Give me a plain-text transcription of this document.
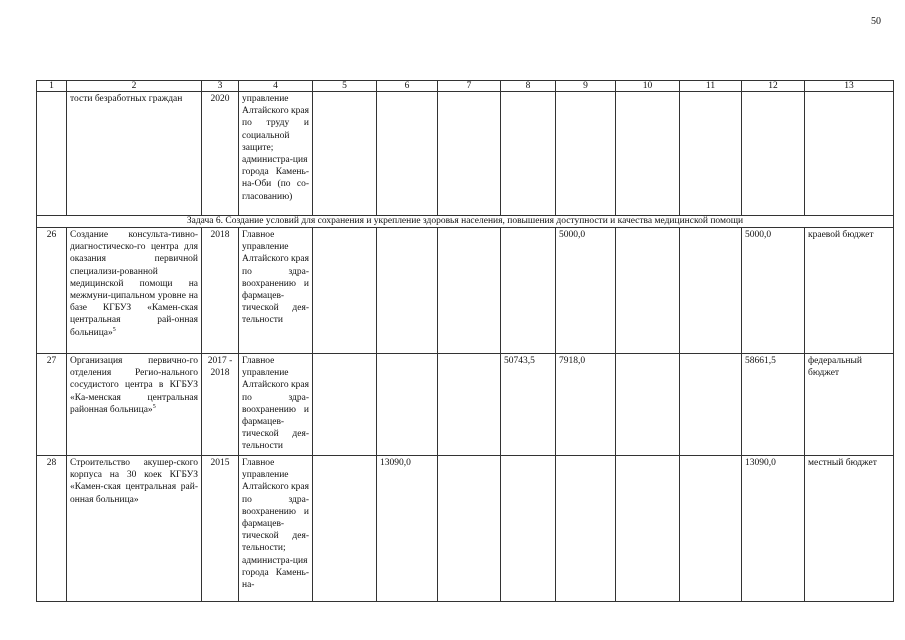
50
1	2	3	4	5	6	7	8	9	10	11	12	13
	тости безработных граждан	2020	управление Алтайского края по труду и социальной защите; администра-ция города Камень-на-Оби (по со-гласованию)									
Задача 6. Создание условий для сохранения и укрепление здоровья населения, повышения доступности и качества медицинской помощи												
26	Создание консульта-тивно-диагностическо-го центра для оказания первичной специализи-рованной медицинской помощи на межмуни-ципальном уровне на базе КГБУЗ «Камен-ская центральная рай-онная больница»$^5$	2018	Главное управление Алтайского края по здра-воохранению и фармацев-тической дея-тельности					5000,0			5000,0	краевой бюджет
27	Организация первично-го отделения Регио-нального сосудистого центра в КГБУЗ «Ка-менская центральная районная больница»$^5$	2017 - 2018	Главное управление Алтайского края по здра-воохранению и фармацев-тической дея-тельности				50743,5	7918,0			58661,5	федеральный бюджет
28	Строительство акушер-ского корпуса на 30 коек КГБУЗ «Камен-ская центральная рай-онная больница»	2015	Главное управление Алтайского края по здра-воохранению и фармацев-тической дея-тельности; администра-ция города Камень-на-		13090,0						13090,0	местный бюджет
